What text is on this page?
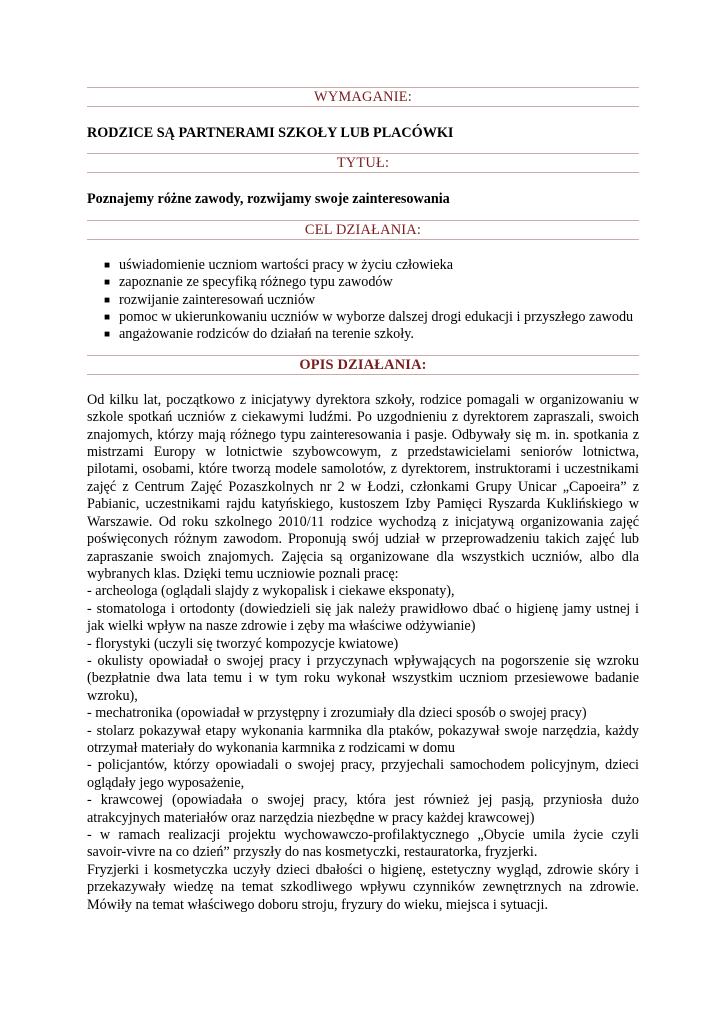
WYMAGANIE:
RODZICE SĄ PARTNERAMI SZKOŁY LUB PLACÓWKI
TYTUŁ:
Poznajemy różne zawody, rozwijamy swoje zainteresowania
CEL DZIAŁANIA:
■ uświadomienie uczniom wartości pracy w życiu człowieka
■ zapoznanie ze specyfiką różnego typu zawodów
■ rozwijanie zainteresowań uczniów
■ pomoc w ukierunkowaniu uczniów w wyborze dalszej drogi edukacji i przyszłego zawodu
■ angażowanie rodziców do działań na terenie szkoły.
OPIS DZIAŁANIA:

Od kilku lat, początkowo z inicjatywy dyrektora szkoły, rodzice pomagali w organizowaniu w szkole spotkań uczniów z ciekawymi ludźmi. Po uzgodnieniu z dyrektorem zapraszali, swoich znajomych, którzy mają różnego typu zainteresowania i pasje. Odbywały się m. in. spotkania z mistrzami Europy w lotnictwie szybowcowym, z przedstawicielami seniorów lotnictwa, pilotami, osobami, które tworzą modele samolotów, z dyrektorem, instruktorami i uczestnikami zajęć z Centrum Zajęć Pozaszkolnych nr 2 w Łodzi, członkami Grupy Unicar „Capoeira” z Pabianic, uczestnikami rajdu katyńskiego, kustoszem Izby Pamięci Ryszarda Kuklińskiego w Warszawie. Od roku szkolnego 2010/11 rodzice wychodzą z inicjatywą organizowania zajęć poświęconych różnym zawodom. Proponują swój udział w przeprowadzeniu takich zajęć lub zapraszanie swoich znajomych. Zajęcia są organizowane dla wszystkich uczniów, albo dla wybranych klas. Dzięki temu uczniowie poznali pracę:

- archeologa (oglądali slajdy z wykopalisk i ciekawe eksponaty),

- stomatologa i ortodonty (dowiedzieli się jak należy prawidłowo dbać o higienę jamy ustnej i jak wielki wpływ na nasze zdrowie i zęby ma właściwe odżywianie)

- florystyki (uczyli się tworzyć kompozycje kwiatowe)

- okulisty opowiadał o swojej pracy i przyczynach wpływających na pogorszenie się wzroku (bezpłatnie dwa lata temu i w tym roku wykonał wszystkim uczniom przesiewowe badanie wzroku),

- mechatronika (opowiadał w przystępny i zrozumiały dla dzieci sposób o swojej pracy)

- stolarz pokazywał etapy wykonania karmnika dla ptaków, pokazywał swoje narzędzia, każdy otrzymał materiały do wykonania karmnika z rodzicami w domu

- policjantów, którzy opowiadali o swojej pracy, przyjechali samochodem policyjnym, dzieci oglądały jego wyposażenie,

- krawcowej (opowiadała o swojej pracy, która jest również jej pasją, przyniosła dużo atrakcyjnych materiałów oraz narzędzia niezbędne w pracy każdej krawcowej)

- w ramach realizacji projektu wychowawczo-profilaktycznego „Obycie umila życie czyli savoir-vivre na co dzień” przyszły do nas kosmetyczki, restauratorka, fryzjerki.

Fryzjerki i kosmetyczka uczyły dzieci dbałości o higienę, estetyczny wygląd, zdrowie skóry i przekazywały wiedzę na temat szkodliwego wpływu czynników zewnętrznych na zdrowie. Mówiły na temat właściwego doboru stroju, fryzury do wieku, miejsca i sytuacji.
